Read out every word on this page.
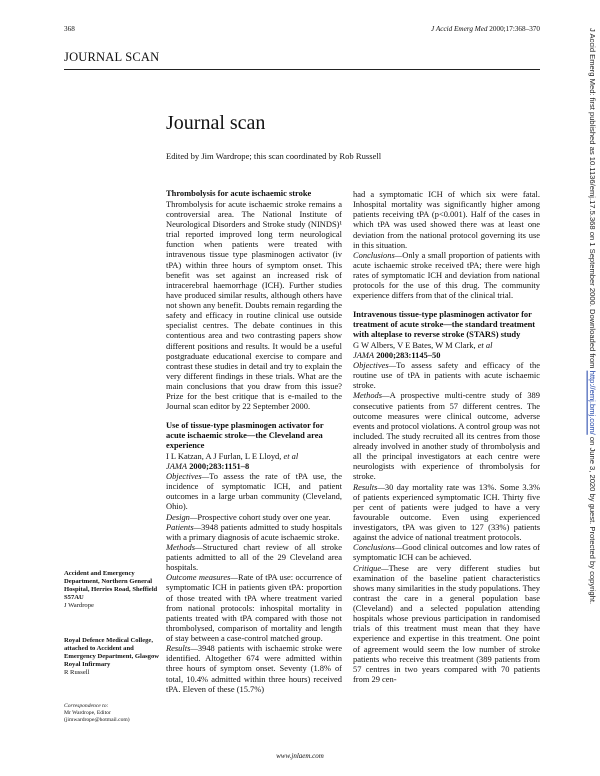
368	J Accid Emerg Med 2000;17:368–370
JOURNAL SCAN
Journal scan
Edited by Jim Wardrope; this scan coordinated by Rob Russell

Thrombolysis for acute ischaemic stroke

Thrombolysis for acute ischaemic stroke remains a controversial area. The National Institute of Neurological Disorders and Stroke study (NINDS)¹ trial reported improved long term neurological function when patients were treated with intravenous tissue type plasminogen activator (iv tPA) within three hours of symptom onset. This benefit was set against an increased risk of intracerebral haemorrhage (ICH). Further studies have produced similar results, although others have not shown any benefit. Doubts remain regarding the safety and efficacy in routine clinical use outside specialist centres. The debate continues in this contentious area and two contrasting papers show different positions and results. It would be a useful postgraduate educational exercise to compare and contrast these studies in detail and try to explain the very different findings in these trials. What are the main conclusions that you draw from this issue? Prize for the best critique that is e-mailed to the Journal scan editor by 22 September 2000.

Use of tissue-type plasminogen activator for acute ischaemic stroke—the Cleveland area experience

I L Katzan, A J Furlan, L E Lloyd, et al

JAMA 2000;283:1151–8

Objectives—To assess the rate of tPA use, the incidence of symptomatic ICH, and patient outcomes in a large urban community (Cleveland, Ohio).

Design—Prospective cohort study over one year.

Patients—3948 patients admitted to study hospitals with a primary diagnosis of acute ischaemic stroke.

Methods—Structured chart review of all stroke patients admitted to all of the 29 Cleveland area hospitals.

Outcome measures—Rate of tPA use: occurrence of symptomatic ICH in patients given tPA: proportion of those treated with tPA where treatment varied from national protocols: inhospital mortality in patients treated with tPA compared with those not thrombolysed, comparison of mortality and length of stay between a case-control matched group.

Results—3948 patients with ischaemic stroke were identified. Altogether 674 were admitted within three hours of symptom onset. Seventy (1.8% of total, 10.4% admitted within three hours) received tPA. Eleven of these (15.7%)

had a symptomatic ICH of which six were fatal. Inhospital mortality was significantly higher among patients receiving tPA (p<0.001). Half of the cases in which tPA was used showed there was at least one deviation from the national protocol governing its use in this situation.

Conclusions—Only a small proportion of patients with acute ischaemic stroke received tPA; there were high rates of symptomatic ICH and deviation from national protocols for the use of this drug. The community experience differs from that of the clinical trial.

Intravenous tissue-type plasminogen activator for treatment of acute stroke—the standard treatment with alteplase to reverse stroke (STARS) study

G W Albers, V E Bates, W M Clark, et al

JAMA 2000;283:1145–50

Objectives—To assess safety and efficacy of the routine use of tPA in patients with acute ischaemic stroke.

Methods—A prospective multi-centre study of 389 consecutive patients from 57 different centres. The outcome measures were clinical outcome, adverse events and protocol violations. A control group was not included. The study recruited all its centres from those already involved in another study of thrombolysis and all the principal investigators at each centre were neurologists with experience of thrombolysis for stroke.

Results—30 day mortality rate was 13%. Some 3.3% of patients experienced symptomatic ICH. Thirty five per cent of patients were judged to have a very favourable outcome. Even using experienced investigators, tPA was given to 127 (33%) patients against the advice of national treatment protocols.

Conclusions—Good clinical outcomes and low rates of symptomatic ICH can be achieved.

Critique—These are very different studies but examination of the baseline patient characteristics shows many similarities in the study populations. They contrast the care in a general population base (Cleveland) and a selected population attending hospitals whose previous participation in randomised trials of this treatment must mean that they have experience and expertise in this treatment. One point of agreement would seem the low number of stroke patients who receive this treatment (389 patients from 57 centres in two years compared with 70 patients from 29 cen-

Accident and Emergency Department, Northern General Hospital, Herries Road, Sheffield S57AU
J Wardrope
Royal Defence Medical College, attached to Accident and Emergency Department, Glasgow Royal Infirmary
R Russell
Correspondence to:
Mr Wardrope, Editor
(jimwardrope@hotmail.com)
www.jnlaem.com
J Accid Emerg Med: first published as 10.1136/emj.17.5.368 on 1 September 2000. Downloaded from http://emj.bmj.com/ on June 3, 2020 by guest. Protected by copyright.
